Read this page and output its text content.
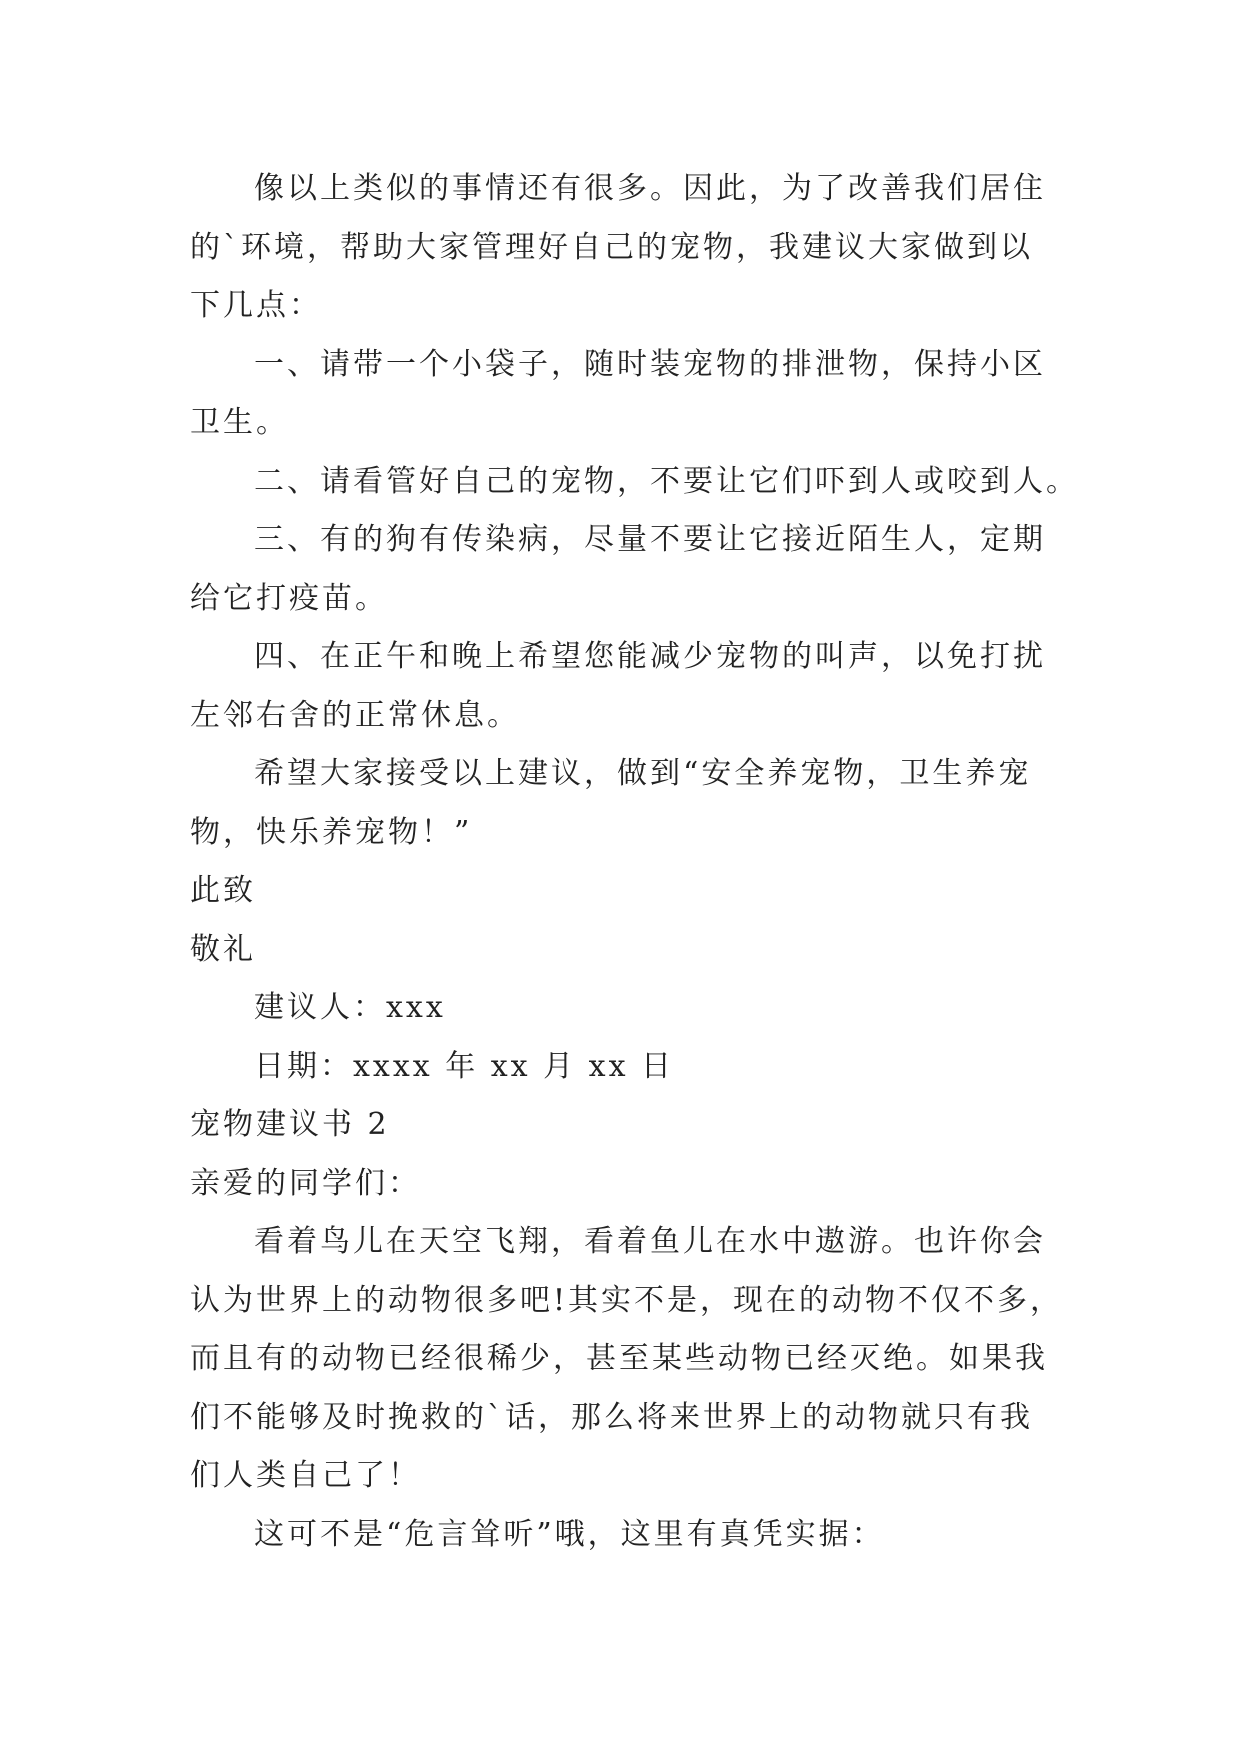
像以上类似的事情还有很多。因此，为了改善我们居住

的`环境，帮助大家管理好自己的宠物，我建议大家做到以

下几点：

一、请带一个小袋子，随时装宠物的排泄物，保持小区

卫生。

二、请看管好自己的宠物，不要让它们吓到人或咬到人。

三、有的狗有传染病，尽量不要让它接近陌生人，定期

给它打疫苗。

四、在正午和晚上希望您能减少宠物的叫声，以免打扰

左邻右舍的正常休息。

希望大家接受以上建议，做到“安全养宠物，卫生养宠

物，快乐养宠物！”

此致

敬礼

建议人：xxx

日期：xxxx 年 xx 月 xx 日

宠物建议书 2

亲爱的同学们：

看着鸟儿在天空飞翔，看着鱼儿在水中遨游。也许你会

认为世界上的动物很多吧!其实不是，现在的动物不仅不多，

而且有的动物已经很稀少，甚至某些动物已经灭绝。如果我

们不能够及时挽救的`话，那么将来世界上的动物就只有我

们人类自己了！

这可不是“危言耸听”哦，这里有真凭实据：
